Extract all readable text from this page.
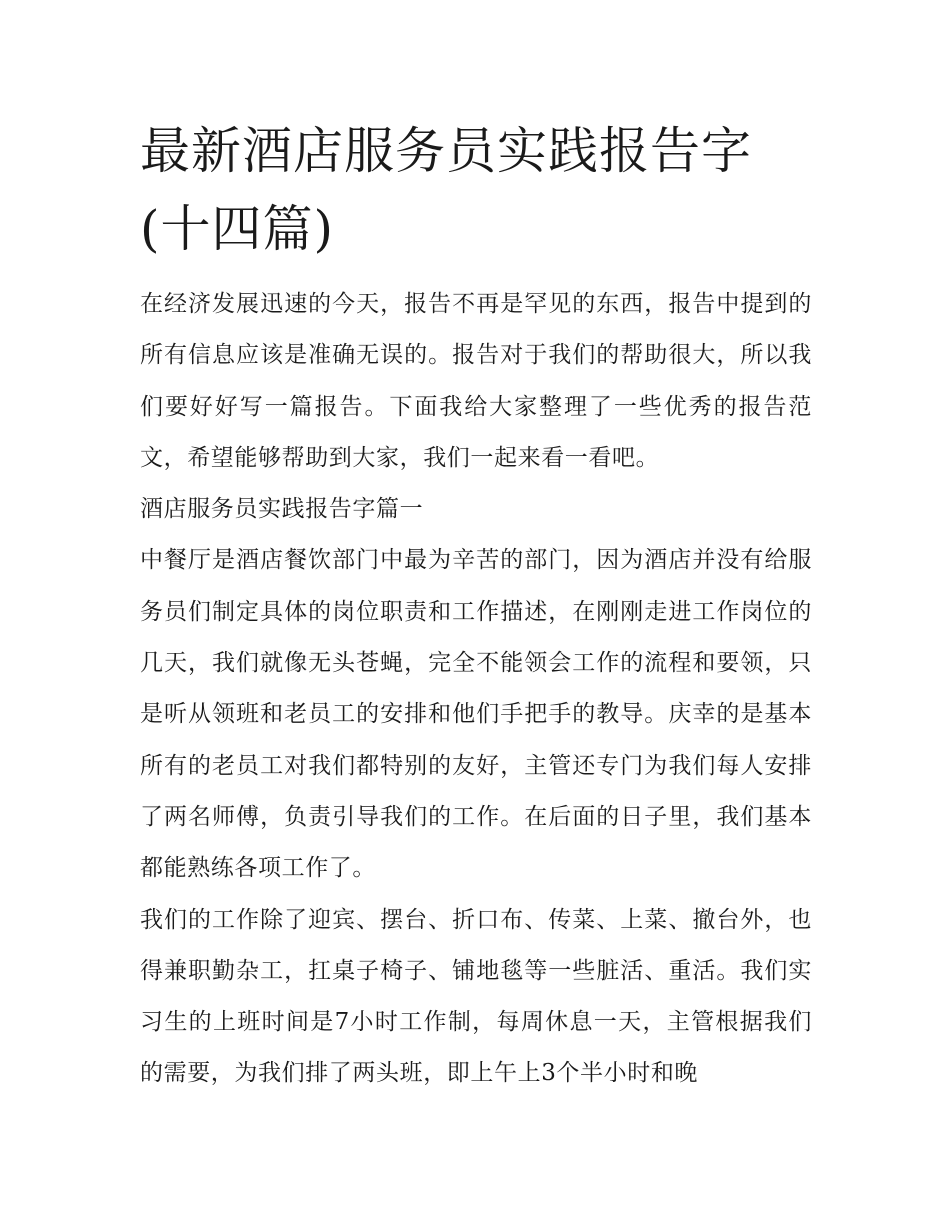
最新酒店服务员实践报告字(十四篇)

在经济发展迅速的今天，报告不再是罕见的东西，报告中提到的所有信息应该是准确无误的。报告对于我们的帮助很大，所以我们要好好写一篇报告。下面我给大家整理了一些优秀的报告范文，希望能够帮助到大家，我们一起来看一看吧。

酒店服务员实践报告字篇一

中餐厅是酒店餐饮部门中最为辛苦的部门，因为酒店并没有给服务员们制定具体的岗位职责和工作描述，在刚刚走进工作岗位的几天，我们就像无头苍蝇，完全不能领会工作的流程和要领，只是听从领班和老员工的安排和他们手把手的教导。庆幸的是基本所有的老员工对我们都特别的友好，主管还专门为我们每人安排了两名师傅，负责引导我们的工作。在后面的日子里，我们基本都能熟练各项工作了。

我们的工作除了迎宾、摆台、折口布、传菜、上菜、撤台外，也得兼职勤杂工，扛桌子椅子、铺地毯等一些脏活、重活。我们实习生的上班时间是7小时工作制，每周休息一天，主管根据我们的需要，为我们排了两头班，即上午上3个半小时和晚
